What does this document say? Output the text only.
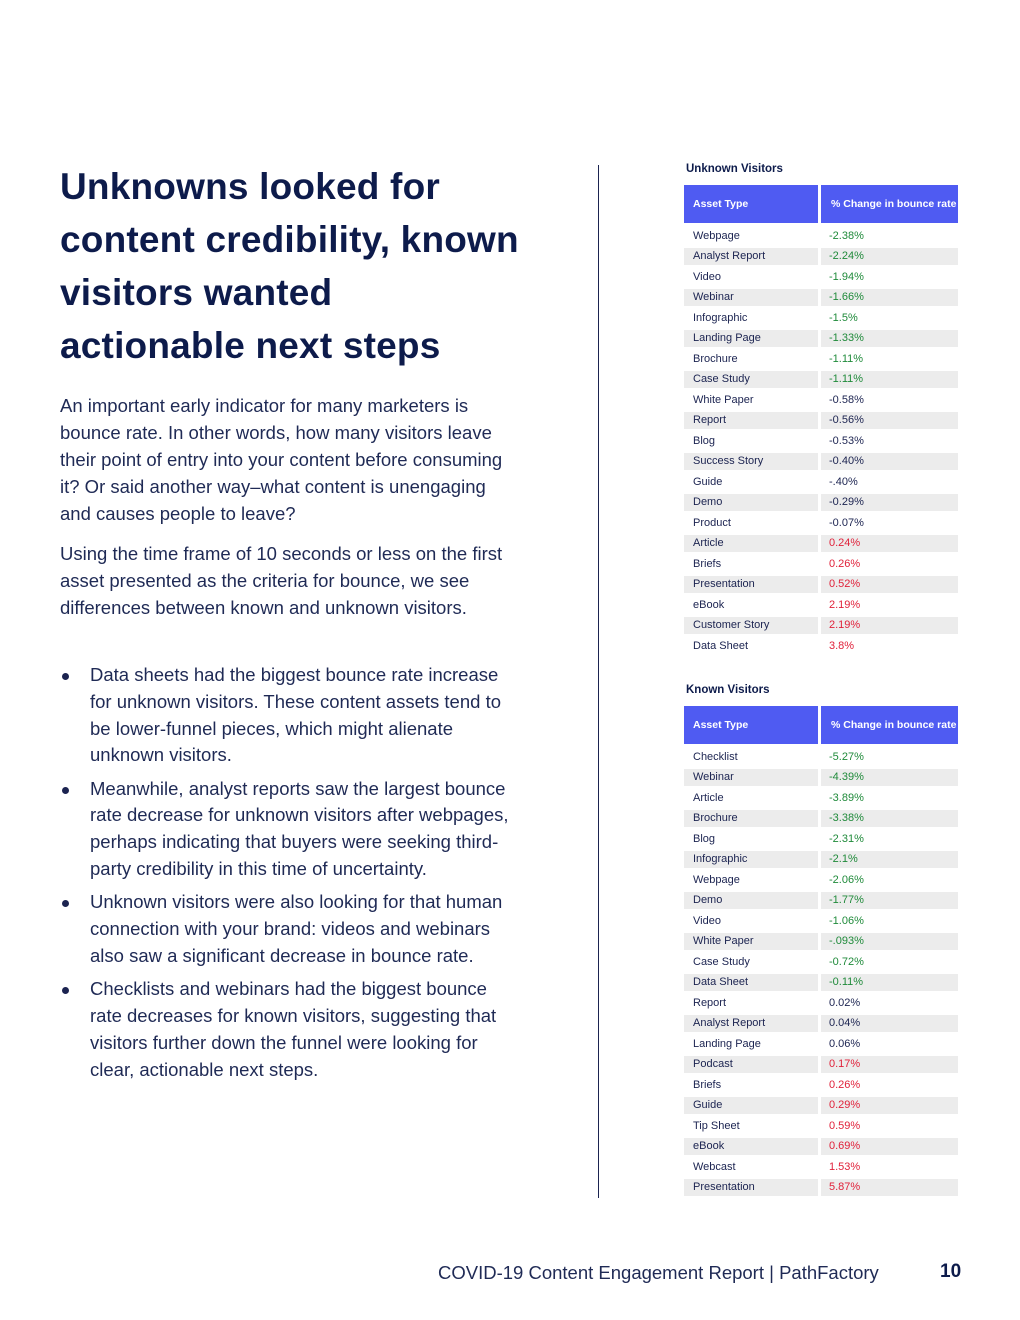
Unknowns looked for content credibility, known visitors wanted actionable next steps

An important early indicator for many marketers is bounce rate. In other words, how many visitors leave their point of entry into your content before consuming it? Or said another way–what content is unengaging and causes people to leave?

Using the time frame of 10 seconds or less on the first asset presented as the criteria for bounce, we see differences between known and unknown visitors.

Data sheets had the biggest bounce rate increase for unknown visitors. These content assets tend to be lower-funnel pieces, which might alienate unknown visitors.
Meanwhile, analyst reports saw the largest bounce rate decrease for unknown visitors after webpages, perhaps indicating that buyers were seeking third-party credibility in this time of uncertainty.
Unknown visitors were also looking for that human connection with your brand: videos and webinars also saw a significant decrease in bounce rate.
Checklists and webinars had the biggest bounce rate decreases for known visitors, suggesting that visitors further down the funnel were looking for clear, actionable next steps.
Unknown Visitors
Asset Type	% Change in bounce rate
Webpage	-2.38%
Analyst Report	-2.24%
Video	-1.94%
Webinar	-1.66%
Infographic	-1.5%
Landing Page	-1.33%
Brochure	-1.11%
Case Study	-1.11%
White Paper	-0.58%
Report	-0.56%
Blog	-0.53%
Success Story	-0.40%
Guide	-.40%
Demo	-0.29%
Product	-0.07%
Article	0.24%
Briefs	0.26%
Presentation	0.52%
eBook	2.19%
Customer Story	2.19%
Data Sheet	3.8%
Known Visitors
Asset Type	% Change in bounce rate
Checklist	-5.27%
Webinar	-4.39%
Article	-3.89%
Brochure	-3.38%
Blog	-2.31%
Infographic	-2.1%
Webpage	-2.06%
Demo	-1.77%
Video	-1.06%
White Paper	-.093%
Case Study	-0.72%
Data Sheet	-0.11%
Report	0.02%
Analyst Report	0.04%
Landing Page	0.06%
Podcast	0.17%
Briefs	0.26%
Guide	0.29%
Tip Sheet	0.59%
eBook	0.69%
Webcast	1.53%
Presentation	5.87%
COVID-19 Content Engagement Report | PathFactory	10
